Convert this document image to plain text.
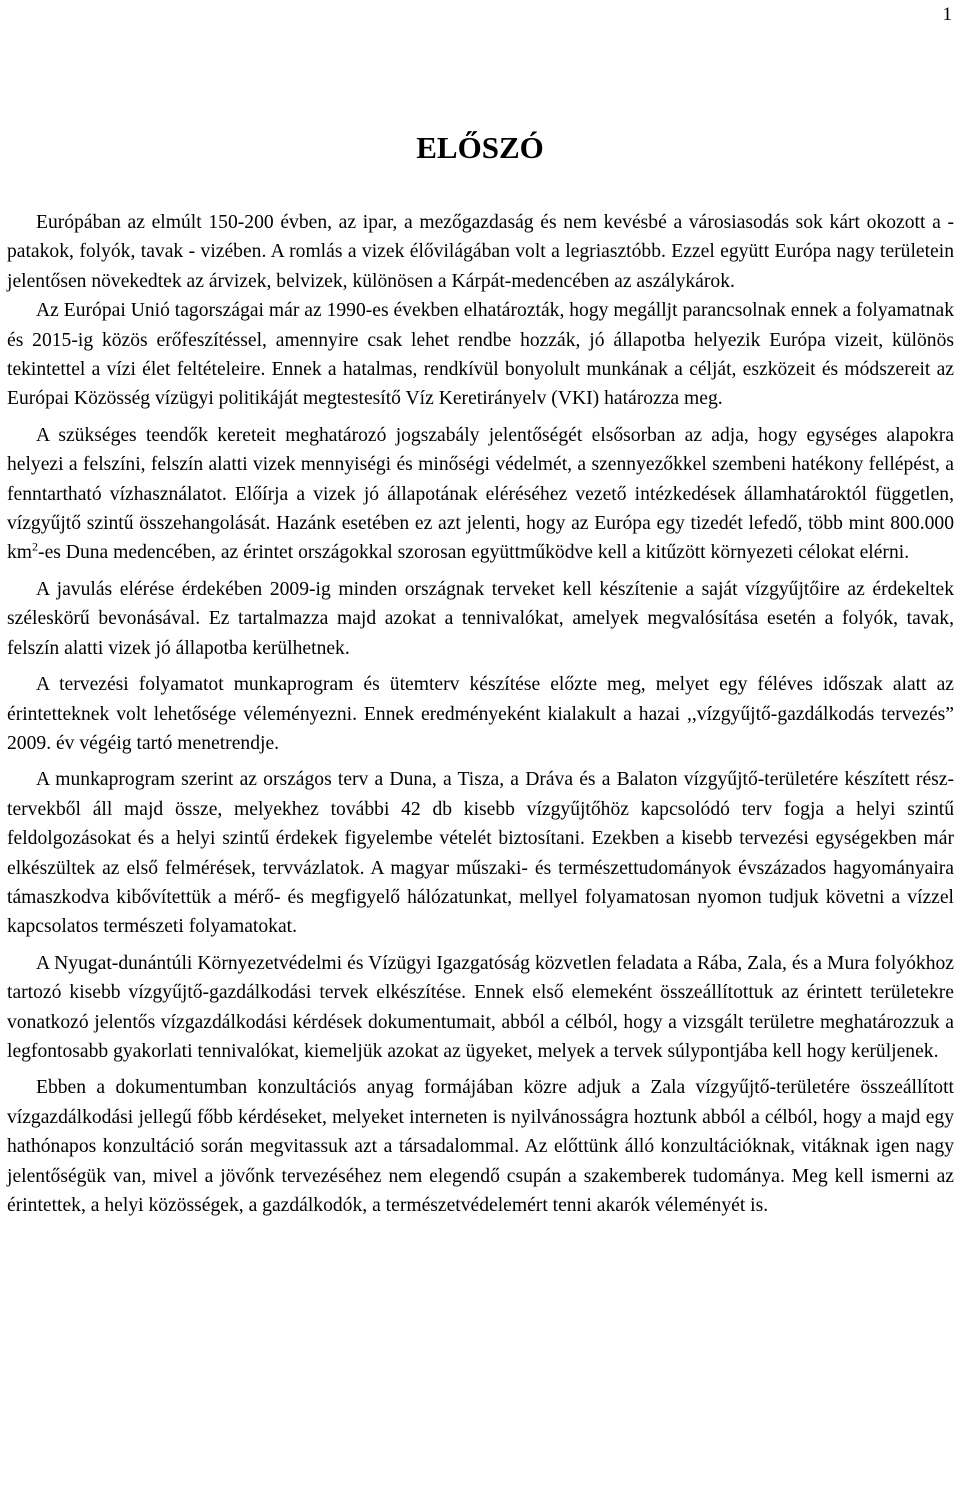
1
ELŐSZÓ

Európában az elmúlt 150-200 évben, az ipar, a mezőgazdaság és nem kevésbé a városiasodás sok kárt okozott a - patakok, folyók, tavak - vizében. A romlás a vizek élővilágában volt a legriasztóbb. Ezzel együtt Európa nagy területein jelentősen növekedtek az árvizek, belvizek, különösen a Kárpát-medencében az aszálykárok.

Az Európai Unió tagországai már az 1990-es években elhatározták, hogy megálljt parancsolnak ennek a folyamatnak és 2015-ig közös erőfeszítéssel, amennyire csak lehet rendbe hozzák, jó állapotba helyezik Európa vizeit, különös tekintettel a vízi élet feltételeire. Ennek a hatalmas, rendkívül bonyolult munkának a célját, eszközeit és módszereit az Európai Közösség vízügyi politikáját megtestesítő Víz Keretirányelv (VKI) határozza meg.

A szükséges teendők kereteit meghatározó jogszabály jelentőségét elsősorban az adja, hogy egységes alapokra helyezi a felszíni, felszín alatti vizek mennyiségi és minőségi védelmét, a szennyezőkkel szembeni hatékony fellépést, a fenntartható vízhasználatot. Előírja a vizek jó állapotának eléréséhez vezető intézkedések államhatároktól független, vízgyűjtő szintű összehangolását. Hazánk esetében ez azt jelenti, hogy az Európa egy tizedét lefedő, több mint 800.000 $km^2-es$ Duna medencében, az érintet országokkal szorosan együttműködve kell a kitűzött környezeti célokat elérni.

A javulás elérése érdekében 2009-ig minden országnak terveket kell készítenie a saját vízgyűjtőire az érdekeltek széleskörű bevonásával. Ez tartalmazza majd azokat a tennivalókat, amelyek megvalósítása esetén a folyók, tavak, felszín alatti vizek jó állapotba kerülhetnek.

A tervezési folyamatot munkaprogram és ütemterv készítése előzte meg, melyet egy féléves időszak alatt az érintetteknek volt lehetősége véleményezni. Ennek eredményeként kialakult a hazai ,,vízgyűjtő-gazdálkodás tervezés” 2009. év végéig tartó menetrendje.

A munkaprogram szerint az országos terv a Duna, a Tisza, a Dráva és a Balaton vízgyűjtő-területére készített rész-tervekből áll majd össze, melyekhez további 42 db kisebb vízgyűjtőhöz kapcsolódó terv fogja a helyi szintű feldolgozásokat és a helyi szintű érdekek figyelembe vételét biztosítani. Ezekben a kisebb tervezési egységekben már elkészültek az első felmérések, tervvázlatok. A magyar műszaki- és természettudományok évszázados hagyományaira támaszkodva kibővítettük a mérő- és megfigyelő hálózatunkat, mellyel folyamatosan nyomon tudjuk követni a vízzel kapcsolatos természeti folyamatokat.

A Nyugat-dunántúli Környezetvédelmi és Vízügyi Igazgatóság közvetlen feladata a Rába, Zala, és a Mura folyókhoz tartozó kisebb vízgyűjtő-gazdálkodási tervek elkészítése. Ennek első elemeként összeállítottuk az érintett területekre vonatkozó jelentős vízgazdálkodási kérdések dokumentumait, abból a célból, hogy a vizsgált területre meghatározzuk a legfontosabb gyakorlati tennivalókat, kiemeljük azokat az ügyeket, melyek a tervek súlypontjába kell hogy kerüljenek.

Ebben a dokumentumban konzultációs anyag formájában közre adjuk a Zala vízgyűjtő-területére összeállított vízgazdálkodási jellegű főbb kérdéseket, melyeket interneten is nyilvánosságra hoztunk abból a célból, hogy a majd egy hathónapos konzultáció során megvitassuk azt a társadalommal. Az előttünk álló konzultációknak, vitáknak igen nagy jelentőségük van, mivel a jövőnk tervezéséhez nem elegendő csupán a szakemberek tudománya. Meg kell ismerni az érintettek, a helyi közösségek, a gazdálkodók, a természetvédelemért tenni akarók véleményét is.
